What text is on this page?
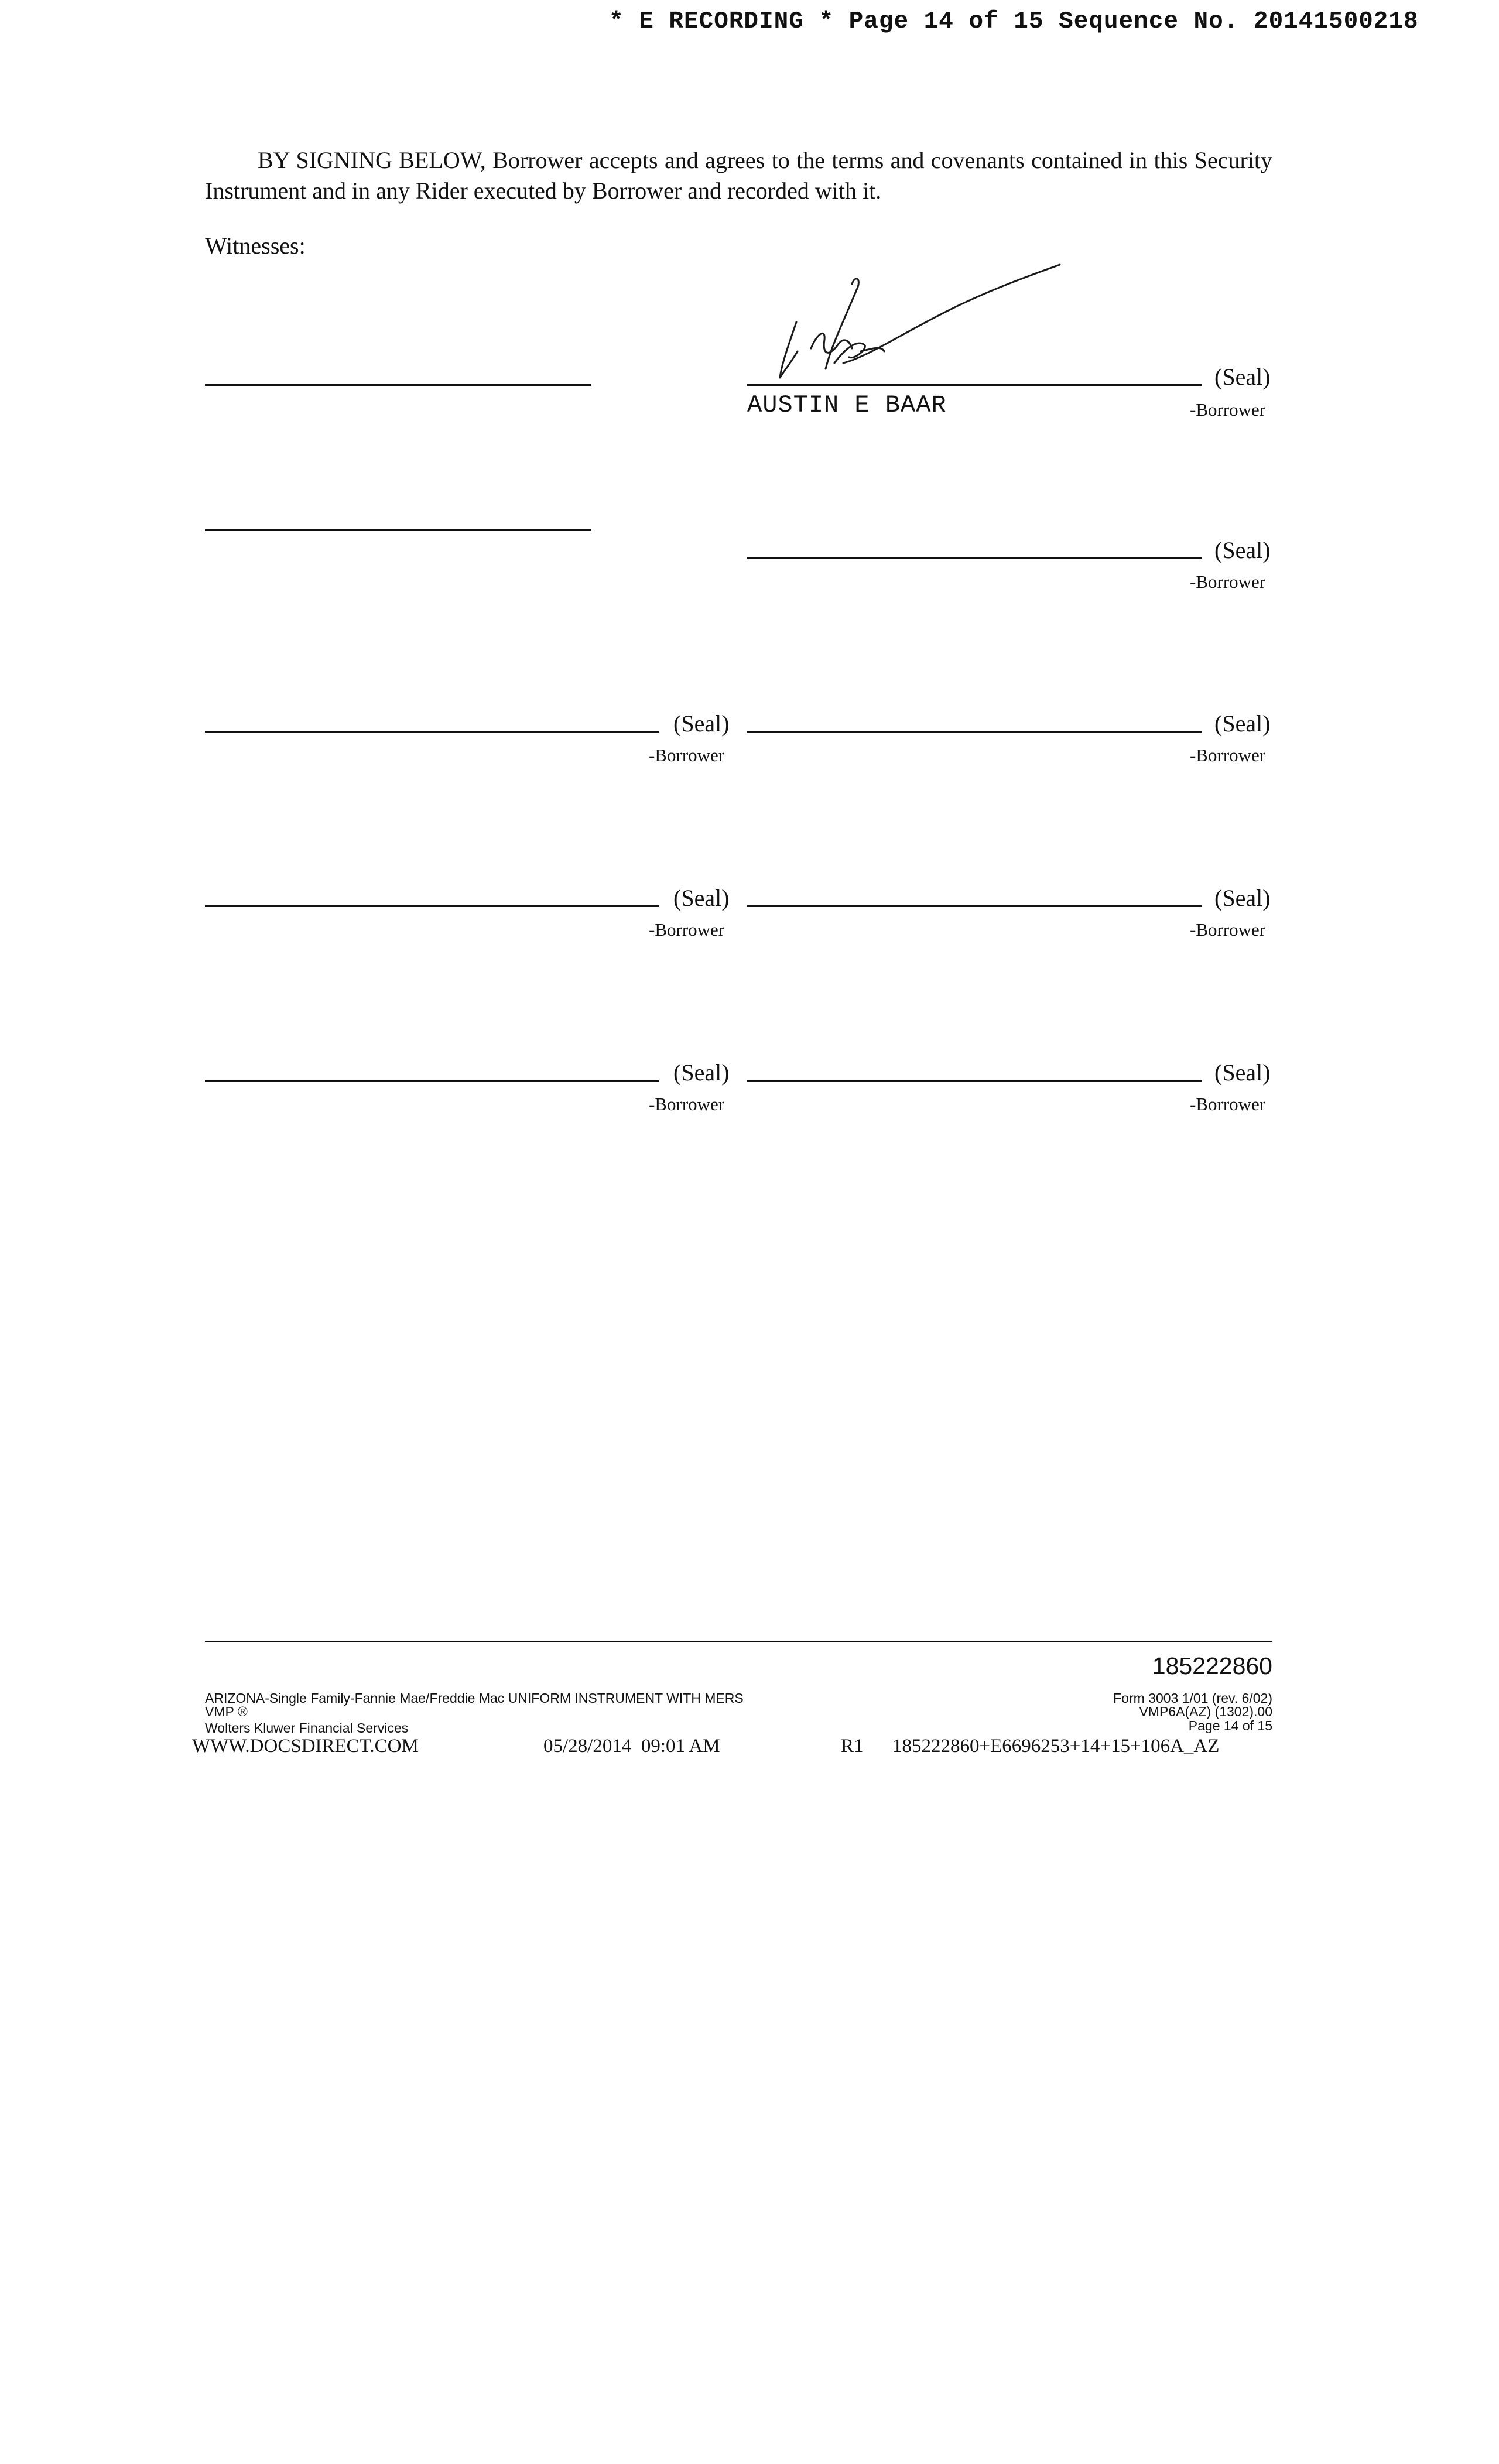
* E RECORDING * Page 14 of 15 Sequence No. 20141500218
BY SIGNING BELOW, Borrower accepts and agrees to the terms and covenants contained in this Security Instrument and in any Rider executed by Borrower and recorded with it.
Witnesses:
(Seal)
AUSTIN E BAAR	-Borrower
(Seal)
-Borrower
(Seal)
-Borrower
(Seal)
-Borrower
(Seal)
-Borrower
(Seal)
-Borrower
(Seal)
-Borrower
(Seal)
-Borrower
185222860
ARIZONA-Single Family-Fannie Mae/Freddie Mac UNIFORM INSTRUMENT WITH MERS
VMP ®
Wolters Kluwer Financial Services
Form 3003 1/01 (rev. 6/02)
VMP6A(AZ) (1302).00
Page 14 of 15
WWW.DOCSDIRECT.COM	05/28/2014  09:01 AM	R1 185222860+E6696253+14+15+106A_AZ
